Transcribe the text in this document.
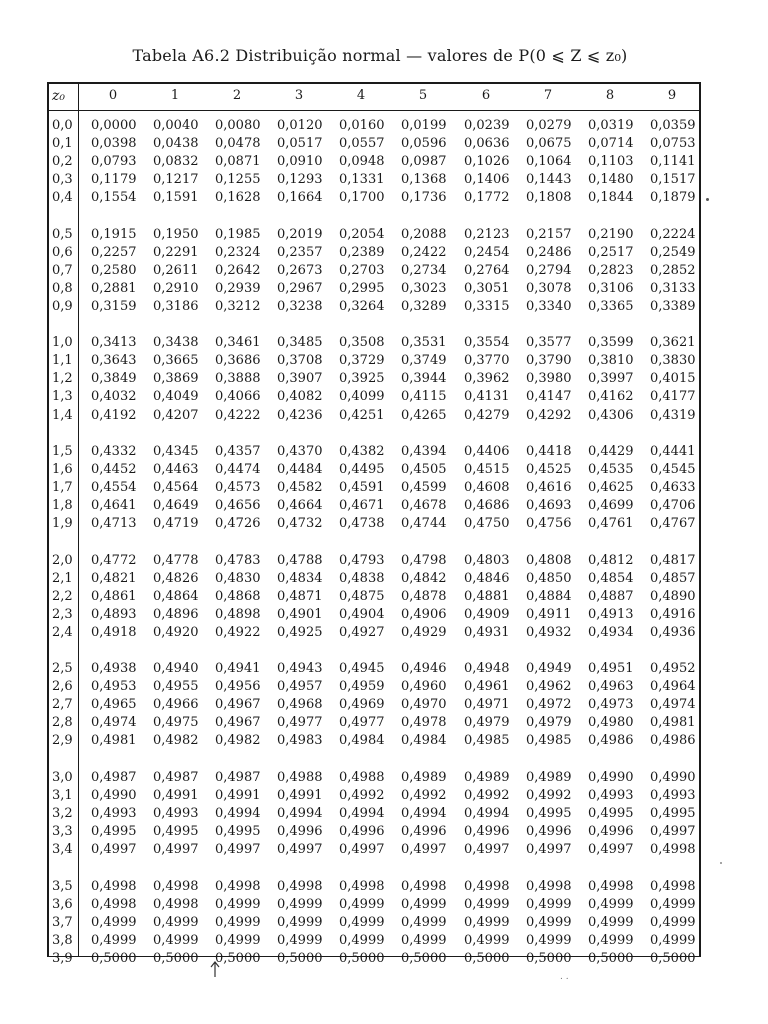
Tabela A6.2 Distribuição normal — valores de P(0 ⩽ Z ⩽ z₀)
z₀	0	1	2	3	4	5	6	7	8	9
0,0 0,0000 0,0040 0,0080 0,0120 0,0160 0,0199 0,0239 0,0279 0,0319 0,0359
0,1 0,0398 0,0438 0,0478 0,0517 0,0557 0,0596 0,0636 0,0675 0,0714 0,0753
0,2 0,0793 0,0832 0,0871 0,0910 0,0948 0,0987 0,1026 0,1064 0,1103 0,1141
0,3 0,1179 0,1217 0,1255 0,1293 0,1331 0,1368 0,1406 0,1443 0,1480 0,1517
0,4 0,1554 0,1591 0,1628 0,1664 0,1700 0,1736 0,1772 0,1808 0,1844 0,1879
0,5 0,1915 0,1950 0,1985 0,2019 0,2054 0,2088 0,2123 0,2157 0,2190 0,2224
0,6 0,2257 0,2291 0,2324 0,2357 0,2389 0,2422 0,2454 0,2486 0,2517 0,2549
0,7 0,2580 0,2611 0,2642 0,2673 0,2703 0,2734 0,2764 0,2794 0,2823 0,2852
0,8 0,2881 0,2910 0,2939 0,2967 0,2995 0,3023 0,3051 0,3078 0,3106 0,3133
0,9 0,3159 0,3186 0,3212 0,3238 0,3264 0,3289 0,3315 0,3340 0,3365 0,3389
1,0 0,3413 0,3438 0,3461 0,3485 0,3508 0,3531 0,3554 0,3577 0,3599 0,3621
1,1 0,3643 0,3665 0,3686 0,3708 0,3729 0,3749 0,3770 0,3790 0,3810 0,3830
1,2 0,3849 0,3869 0,3888 0,3907 0,3925 0,3944 0,3962 0,3980 0,3997 0,4015
1,3 0,4032 0,4049 0,4066 0,4082 0,4099 0,4115 0,4131 0,4147 0,4162 0,4177
1,4 0,4192 0,4207 0,4222 0,4236 0,4251 0,4265 0,4279 0,4292 0,4306 0,4319
1,5 0,4332 0,4345 0,4357 0,4370 0,4382 0,4394 0,4406 0,4418 0,4429 0,4441
1,6 0,4452 0,4463 0,4474 0,4484 0,4495 0,4505 0,4515 0,4525 0,4535 0,4545
1,7 0,4554 0,4564 0,4573 0,4582 0,4591 0,4599 0,4608 0,4616 0,4625 0,4633
1,8 0,4641 0,4649 0,4656 0,4664 0,4671 0,4678 0,4686 0,4693 0,4699 0,4706
1,9 0,4713 0,4719 0,4726 0,4732 0,4738 0,4744 0,4750 0,4756 0,4761 0,4767
2,0 0,4772 0,4778 0,4783 0,4788 0,4793 0,4798 0,4803 0,4808 0,4812 0,4817
2,1 0,4821 0,4826 0,4830 0,4834 0,4838 0,4842 0,4846 0,4850 0,4854 0,4857
2,2 0,4861 0,4864 0,4868 0,4871 0,4875 0,4878 0,4881 0,4884 0,4887 0,4890
2,3 0,4893 0,4896 0,4898 0,4901 0,4904 0,4906 0,4909 0,4911 0,4913 0,4916
2,4 0,4918 0,4920 0,4922 0,4925 0,4927 0,4929 0,4931 0,4932 0,4934 0,4936
2,5 0,4938 0,4940 0,4941 0,4943 0,4945 0,4946 0,4948 0,4949 0,4951 0,4952
2,6 0,4953 0,4955 0,4956 0,4957 0,4959 0,4960 0,4961 0,4962 0,4963 0,4964
2,7 0,4965 0,4966 0,4967 0,4968 0,4969 0,4970 0,4971 0,4972 0,4973 0,4974
2,8 0,4974 0,4975 0,4967 0,4977 0,4977 0,4978 0,4979 0,4979 0,4980 0,4981
2,9 0,4981 0,4982 0,4982 0,4983 0,4984 0,4984 0,4985 0,4985 0,4986 0,4986
3,0 0,4987 0,4987 0,4987 0,4988 0,4988 0,4989 0,4989 0,4989 0,4990 0,4990
3,1 0,4990 0,4991 0,4991 0,4991 0,4992 0,4992 0,4992 0,4992 0,4993 0,4993
3,2 0,4993 0,4993 0,4994 0,4994 0,4994 0,4994 0,4994 0,4995 0,4995 0,4995
3,3 0,4995 0,4995 0,4995 0,4996 0,4996 0,4996 0,4996 0,4996 0,4996 0,4997
3,4 0,4997 0,4997 0,4997 0,4997 0,4997 0,4997 0,4997 0,4997 0,4997 0,4998
3,5 0,4998 0,4998 0,4998 0,4998 0,4998 0,4998 0,4998 0,4998 0,4998 0,4998
3,6 0,4998 0,4998 0,4999 0,4999 0,4999 0,4999 0,4999 0,4999 0,4999 0,4999
3,7 0,4999 0,4999 0,4999 0,4999 0,4999 0,4999 0,4999 0,4999 0,4999 0,4999
3,8 0,4999 0,4999 0,4999 0,4999 0,4999 0,4999 0,4999 0,4999 0,4999 0,4999
3,9 0,5000 0,5000 0,5000 0,5000 0,5000 0,5000 0,5000 0,5000 0,5000 0,5000
. .
